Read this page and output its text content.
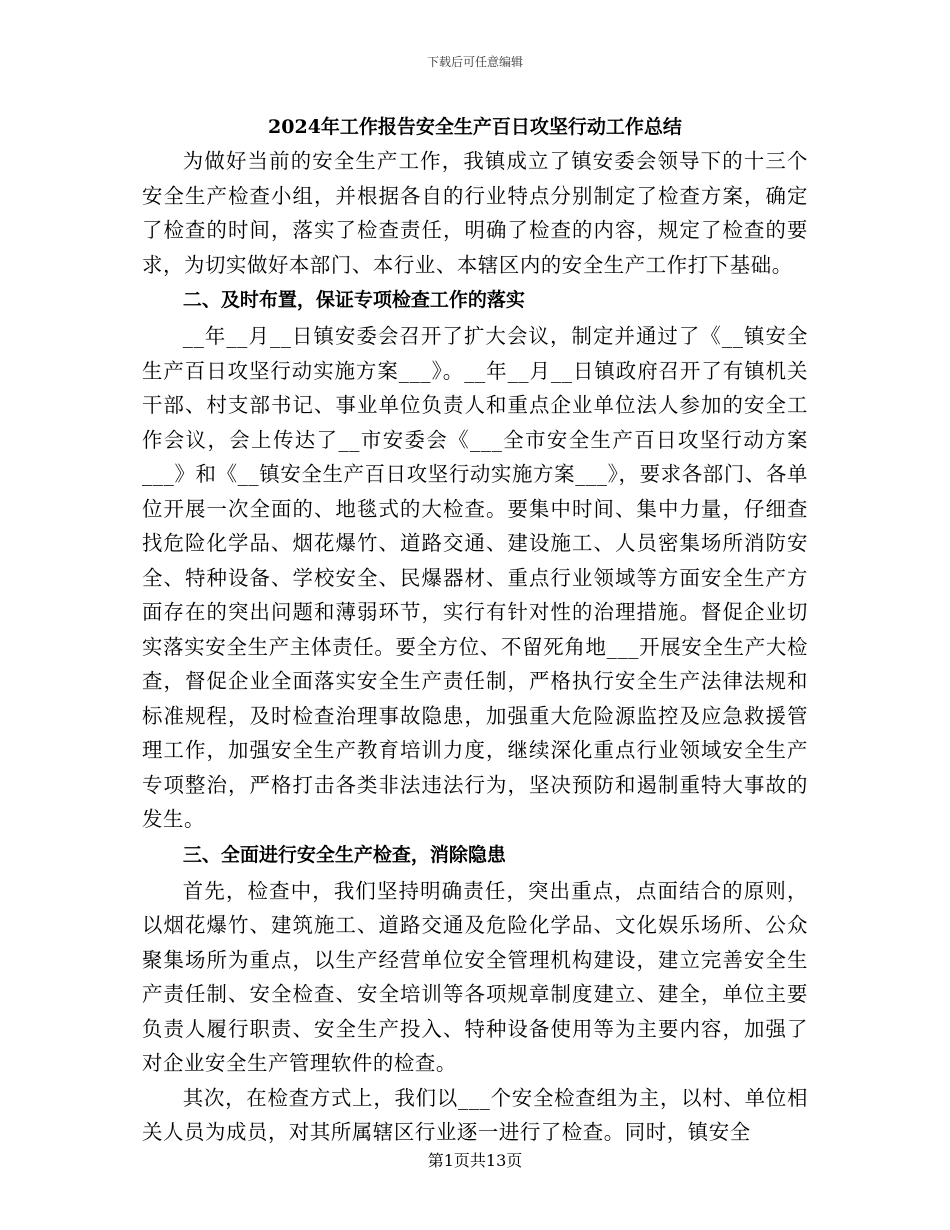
下载后可任意编辑
2024年工作报告安全生产百日攻坚行动工作总结

为做好当前的安全生产工作，我镇成立了镇安委会领导下的十三个安全生产检查小组，并根据各自的行业特点分别制定了检查方案，确定了检查的时间，落实了检查责任，明确了检查的内容，规定了检查的要求，为切实做好本部门、本行业、本辖区内的安全生产工作打下基础。

二、及时布置，保证专项检查工作的落实

__年__月__日镇安委会召开了扩大会议，制定并通过了《__镇安全生产百日攻坚行动实施方案___》。__年__月__日镇政府召开了有镇机关干部、村支部书记、事业单位负责人和重点企业单位法人参加的安全工作会议，会上传达了__市安委会《___全市安全生产百日攻坚行动方案___》和《__镇安全生产百日攻坚行动实施方案___》，要求各部门、各单位开展一次全面的、地毯式的大检查。要集中时间、集中力量，仔细查找危险化学品、烟花爆竹、道路交通、建设施工、人员密集场所消防安全、特种设备、学校安全、民爆器材、重点行业领域等方面安全生产方面存在的突出问题和薄弱环节，实行有针对性的治理措施。督促企业切实落实安全生产主体责任。要全方位、不留死角地___开展安全生产大检查，督促企业全面落实安全生产责任制，严格执行安全生产法律法规和标准规程，及时检查治理事故隐患，加强重大危险源监控及应急救援管理工作，加强安全生产教育培训力度，继续深化重点行业领域安全生产专项整治，严格打击各类非法违法行为，坚决预防和遏制重特大事故的发生。

三、全面进行安全生产检查，消除隐患

首先，检查中，我们坚持明确责任，突出重点，点面结合的原则，以烟花爆竹、建筑施工、道路交通及危险化学品、文化娱乐场所、公众聚集场所为重点，以生产经营单位安全管理机构建设，建立完善安全生产责任制、安全检查、安全培训等各项规章制度建立、建全，单位主要负责人履行职责、安全生产投入、特种设备使用等为主要内容，加强了对企业安全生产管理软件的检查。

其次，在检查方式上，我们以___个安全检查组为主，以村、单位相关人员为成员，对其所属辖区行业逐一进行了检查。同时，镇安全

第1页共13页
